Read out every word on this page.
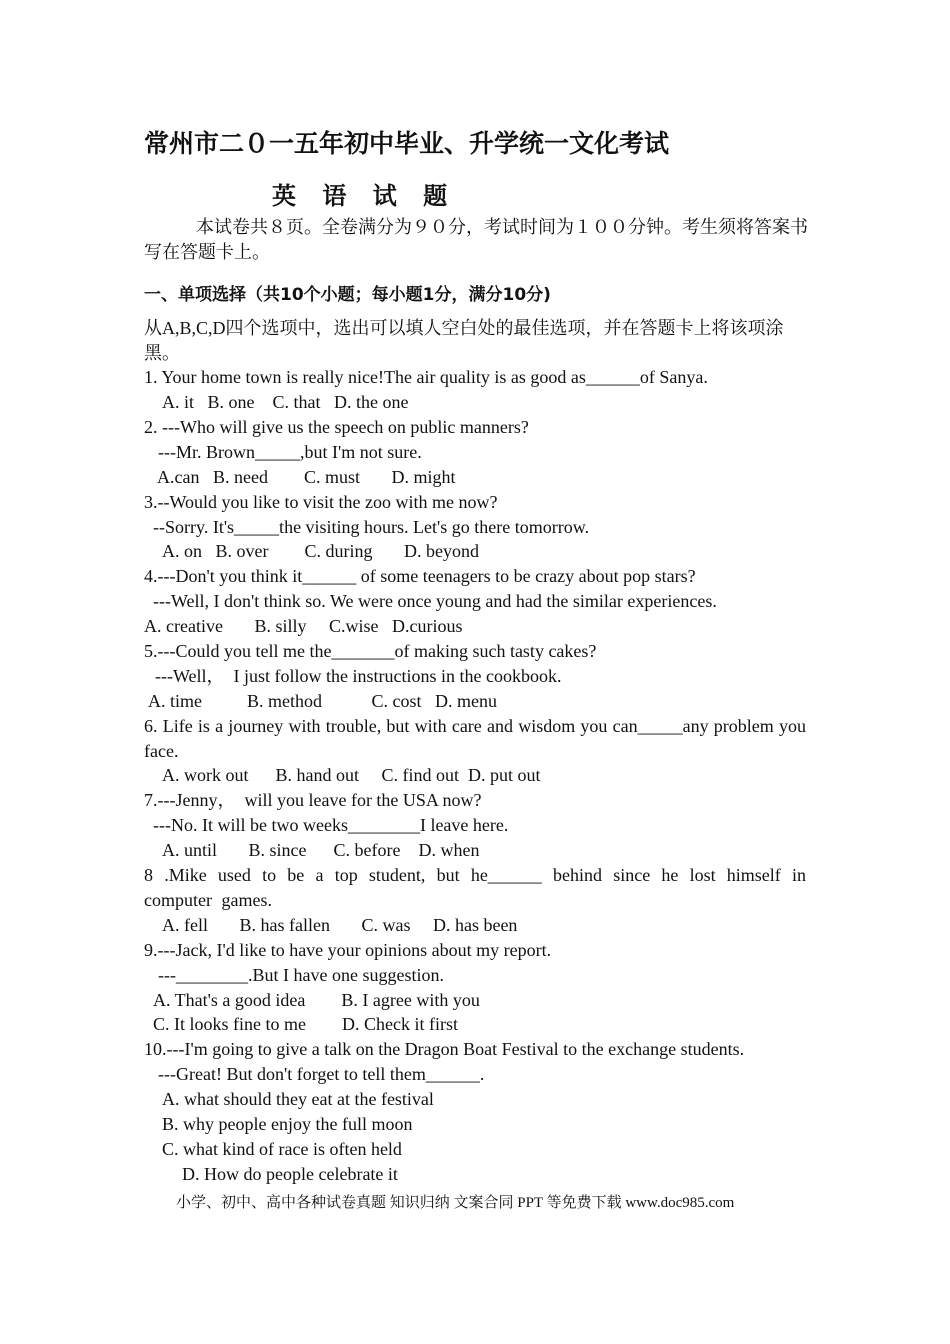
常州市二０一五年初中毕业、升学统一文化考试
英 语 试 题
本试卷共８页。全卷满分为９０分，考试时间为１００分钟。考生须将答案书写在答题卡上。
一、单项选择（共10个小题；每小题1分，满分10分)
从A,B,C,D四个选项中，选出可以填人空白处的最佳选项，并在答题卡上将该项涂黑。
1. Your home town is really nice!The air quality is as good as______of Sanya.
A. it   B. one    C. that   D. the one
2. ---Who will give us the speech on public manners?
---Mr. Brown_____,but I'm not sure.
A.can   B. need        C. must       D. might
3.--Would you like to visit the zoo with me now?
--Sorry. It's_____the visiting hours. Let's go there tomorrow.
A. on   B. over        C. during       D. beyond
4.---Don't you think it______ of some teenagers to be crazy about pop stars?
---Well, I don't think so. We were once young and had the similar experiences.
A. creative       B. silly     C.wise   D.curious
5.---Could you tell me the_______of making such tasty cakes?
---Well，  I just follow the instructions in the cookbook.
A. time          B. method           C. cost   D. menu
6. Life is a journey with trouble, but with care and wisdom you can_____any problem you face.
A. work out      B. hand out     C. find out  D. put out
7.---Jenny，  will you leave for the USA now?
---No. It will be two weeks________I leave here.
A. until       B. since      C. before    D. when
8 .Mike used to be a top student, but he______ behind since he lost himself in computer games.
A. fell       B. has fallen       C. was     D. has been
9.---Jack, I'd like to have your opinions about my report.
---________.But I have one suggestion.
A. That's a good idea        B. I agree with you
C. It looks fine to me        D. Check it first
10.---I'm going to give a talk on the Dragon Boat Festival to the exchange students.
---Great! But don't forget to tell them______.
A. what should they eat at the festival
B. why people enjoy the full moon
C. what kind of race is often held
D. How do people celebrate it
小学、初中、高中各种试卷真题 知识归纳 文案合同 PPT 等免费下载 www.doc985.com
